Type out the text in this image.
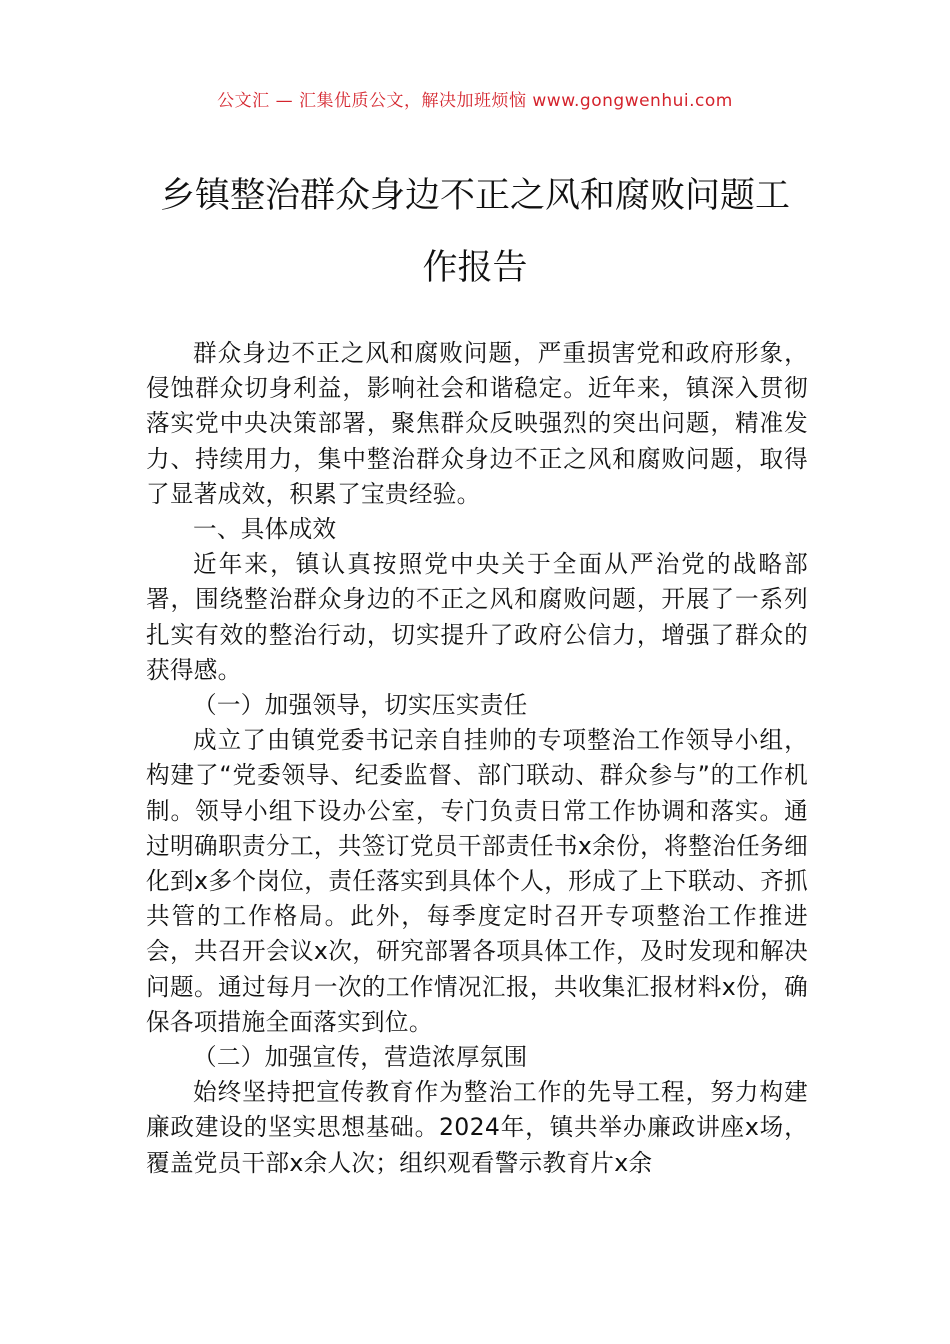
公文汇 — 汇集优质公文，解决加班烦恼 www.gongwenhui.com
乡镇整治群众身边不正之风和腐败问题工
作报告

群众身边不正之风和腐败问题，严重损害党和政府形象，侵蚀群众切身利益，影响社会和谐稳定。近年来，镇深入贯彻落实党中央决策部署，聚焦群众反映强烈的突出问题，精准发力、持续用力，集中整治群众身边不正之风和腐败问题，取得了显著成效，积累了宝贵经验。

一、具体成效

近年来，镇认真按照党中央关于全面从严治党的战略部署，围绕整治群众身边的不正之风和腐败问题，开展了一系列扎实有效的整治行动，切实提升了政府公信力，增强了群众的获得感。

（一）加强领导，切实压实责任

成立了由镇党委书记亲自挂帅的专项整治工作领导小组，构建了“党委领导、纪委监督、部门联动、群众参与”的工作机制。领导小组下设办公室，专门负责日常工作协调和落实。通过明确职责分工，共签订党员干部责任书x余份，将整治任务细化到x多个岗位，责任落实到具体个人，形成了上下联动、齐抓共管的工作格局。此外，每季度定时召开专项整治工作推进会，共召开会议x次，研究部署各项具体工作，及时发现和解决问题。通过每月一次的工作情况汇报，共收集汇报材料x份，确保各项措施全面落实到位。

（二）加强宣传，营造浓厚氛围

始终坚持把宣传教育作为整治工作的先导工程，努力构建廉政建设的坚实思想基础。2024年，镇共举办廉政讲座x场，覆盖党员干部x余人次；组织观看警示教育片x余
